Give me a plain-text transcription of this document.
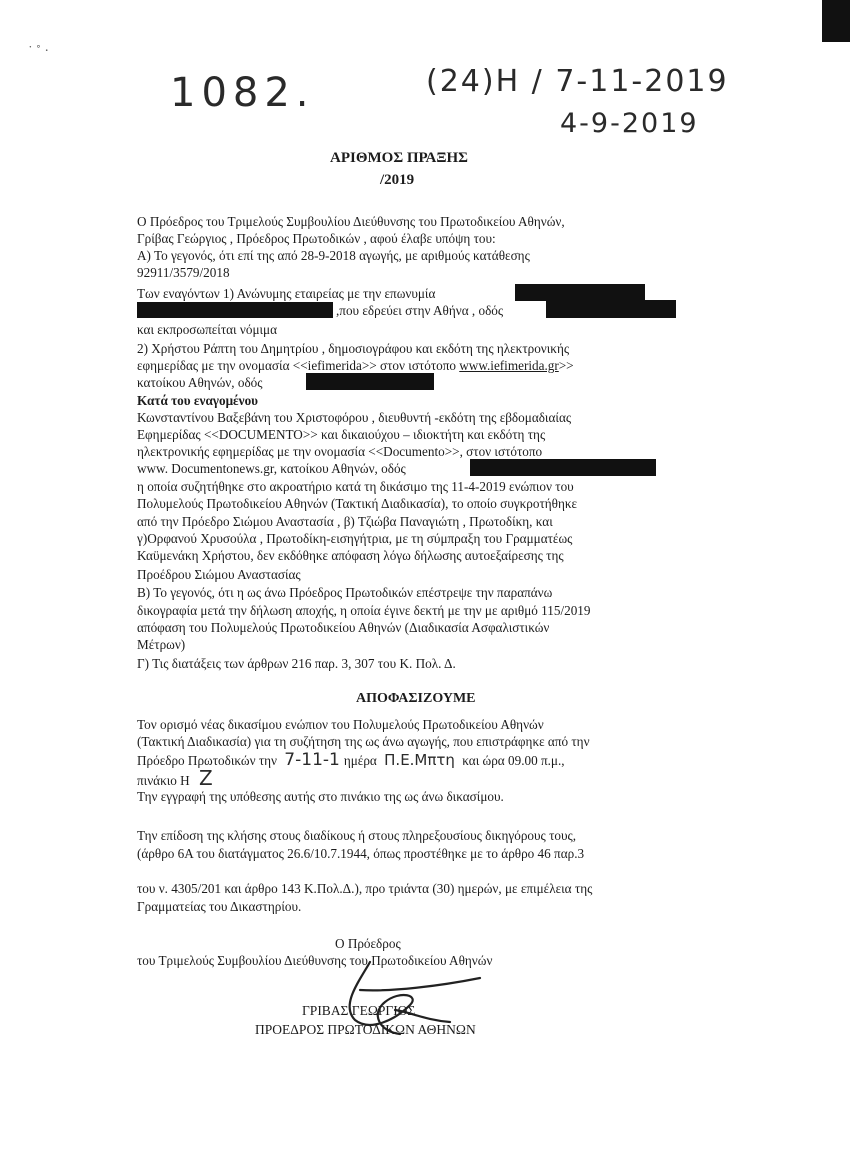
˙ ˚ ·
1082.	(24)Η / 7-11-2019
4-9-2019
ΑΡΙΘΜΟΣ ΠΡΑΞΗΣ
/2019
Ο Πρόεδρος του Τριμελούς Συμβουλίου Διεύθυνσης του Πρωτοδικείου Αθηνών,
Γρίβας Γεώργιος , Πρόεδρος Πρωτοδικών , αφού έλαβε υπόψη του:
Α) Το γεγονός, ότι επί της από 28-9-2018 αγωγής, με αριθμούς κατάθεσης
92911/3579/2018
Των εναγόντων 1) Ανώνυμης εταιρείας με την επωνυμία
,που εδρεύει στην Αθήνα , οδός
και εκπροσωπείται νόμιμα
2) Χρήστου Ράπτη του Δημητρίου , δημοσιογράφου και εκδότη της ηλεκτρονικής
εφημερίδας με την ονομασία <<iefimerida>> στον ιστότοπο www.iefimerida.gr>>
κατοίκου Αθηνών, οδός
Κατά του εναγομένου
Κωνσταντίνου Βαξεβάνη του Χριστοφόρου , διευθυντή -εκδότη της εβδομαδιαίας
Εφημερίδας <<DOCUMENTO>> και δικαιούχου – ιδιοκτήτη και εκδότη της
ηλεκτρονικής εφημερίδας με την ονομασία <<Documento>>, στον ιστότοπο
www. Documentonews.gr, κατοίκου Αθηνών, οδός
η οποία συζητήθηκε στο ακροατήριο κατά τη δικάσιμο της 11-4-2019 ενώπιον του
Πολυμελούς Πρωτοδικείου Αθηνών (Τακτική Διαδικασία), το οποίο συγκροτήθηκε
από την Πρόεδρο Σιώμου Αναστασία , β) Τζιώβα Παναγιώτη , Πρωτοδίκη, και
γ)Ορφανού Χρυσούλα , Πρωτοδίκη-εισηγήτρια, με τη σύμπραξη του Γραμματέως
Καϋμενάκη Χρήστου, δεν εκδόθηκε απόφαση λόγω δήλωσης αυτοεξαίρεσης της
Προέδρου Σιώμου Αναστασίας
Β) Το γεγονός, ότι η ως άνω Πρόεδρος Πρωτοδικών επέστρεψε την παραπάνω
δικογραφία μετά την δήλωση αποχής, η οποία έγινε δεκτή με την με αριθμό 115/2019
απόφαση του Πολυμελούς Πρωτοδικείου Αθηνών (Διαδικασία Ασφαλιστικών
Μέτρων)
Γ) Τις διατάξεις των άρθρων 216 παρ. 3, 307 του Κ. Πολ. Δ.
ΑΠΟΦΑΣΙΖΟΥΜΕ
Τον ορισμό νέας δικασίμου ενώπιον του Πολυμελούς Πρωτοδικείου Αθηνών
(Τακτική Διαδικασία) για τη συζήτηση της ως άνω αγωγής, που επιστράφηκε από την
Πρόεδρο Πρωτοδικών την 7-11-1 ημέρα Π.Ε.Μπτη και ώρα 09.00 π.μ.,
πινάκιο Η Ζ
Την εγγραφή της υπόθεσης αυτής στο πινάκιο της ως άνω δικασίμου.
Την επίδοση της κλήσης στους διαδίκους ή στους πληρεξουσίους δικηγόρους τους,
(άρθρο 6Α του διατάγματος 26.6/10.7.1944, όπως προστέθηκε με το άρθρο 46 παρ.3
του ν. 4305/201 και άρθρο 143 Κ.Πολ.Δ.), προ τριάντα (30) ημερών, με επιμέλεια της
Γραμματείας του Δικαστηρίου.
Ο Πρόεδρος
του Τριμελούς Συμβουλίου Διεύθυνσης του Πρωτοδικείου Αθηνών
ΓΡΙΒΑΣ ΓΕΩΡΓΙΟΣ
ΠΡΟΕΔΡΟΣ ΠΡΩΤΟΔΙΚΩΝ ΑΘΗΝΩΝ
